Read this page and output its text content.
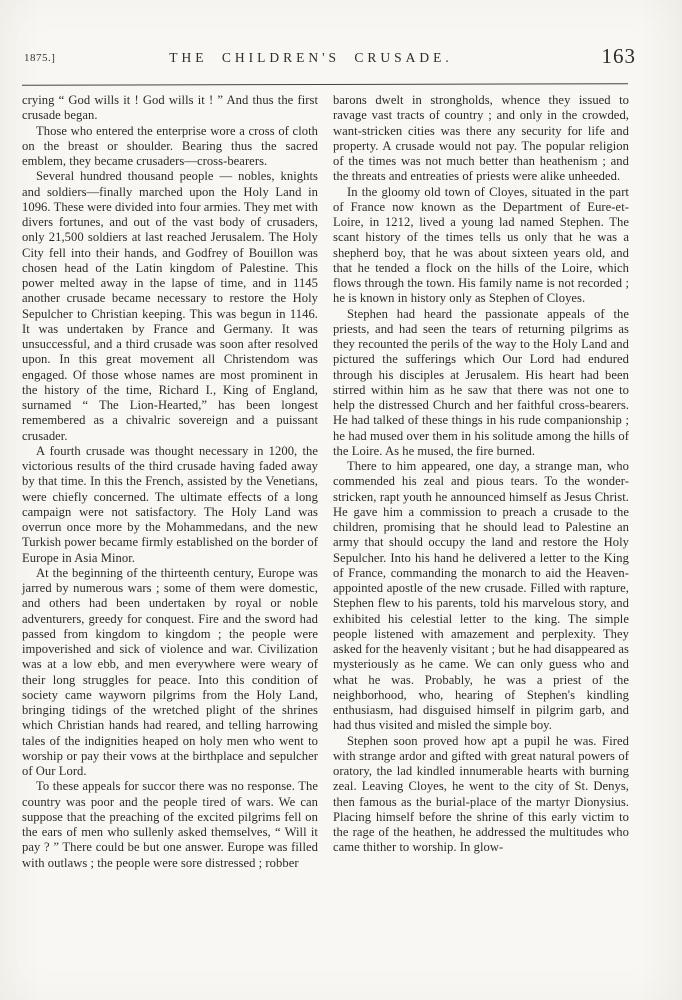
1875.]	THE CHILDREN'S CRUSADE.	163

crying “ God wills it ! God wills it ! ” And thus the first crusade began.

Those who entered the enterprise wore a cross of cloth on the breast or shoulder. Bearing thus the sacred emblem, they became crusaders—cross-bearers.

Several hundred thousand people — nobles, knights and soldiers—finally marched upon the Holy Land in 1096. These were divided into four armies. They met with divers fortunes, and out of the vast body of crusaders, only 21,500 soldiers at last reached Jerusalem. The Holy City fell into their hands, and Godfrey of Bouillon was chosen head of the Latin kingdom of Palestine. This power melted away in the lapse of time, and in 1145 another crusade became necessary to restore the Holy Sepulcher to Christian keeping. This was begun in 1146. It was undertaken by France and Germany. It was unsuccessful, and a third crusade was soon after resolved upon. In this great movement all Christendom was engaged. Of those whose names are most prominent in the history of the time, Richard I., King of England, surnamed “ The Lion-Hearted,” has been longest remembered as a chivalric sovereign and a puissant crusader.

A fourth crusade was thought necessary in 1200, the victorious results of the third crusade having faded away by that time. In this the French, assisted by the Venetians, were chiefly concerned. The ultimate effects of a long campaign were not satisfactory. The Holy Land was overrun once more by the Mohammedans, and the new Turkish power became firmly established on the border of Europe in Asia Minor.

At the beginning of the thirteenth century, Europe was jarred by numerous wars ; some of them were domestic, and others had been undertaken by royal or noble adventurers, greedy for conquest. Fire and the sword had passed from kingdom to kingdom ; the people were impoverished and sick of violence and war. Civilization was at a low ebb, and men everywhere were weary of their long struggles for peace. Into this condition of society came wayworn pilgrims from the Holy Land, bringing tidings of the wretched plight of the shrines which Christian hands had reared, and telling harrowing tales of the indignities heaped on holy men who went to worship or pay their vows at the birthplace and sepulcher of Our Lord.

To these appeals for succor there was no response. The country was poor and the people tired of wars. We can suppose that the preaching of the excited pilgrims fell on the ears of men who sullenly asked themselves, “ Will it pay ? ” There could be but one answer. Europe was filled with outlaws ; the people were sore distressed ; robber

barons dwelt in strongholds, whence they issued to ravage vast tracts of country ; and only in the crowded, want-stricken cities was there any security for life and property. A crusade would not pay. The popular religion of the times was not much better than heathenism ; and the threats and entreaties of priests were alike unheeded.

In the gloomy old town of Cloyes, situated in the part of France now known as the Department of Eure-et-Loire, in 1212, lived a young lad named Stephen. The scant history of the times tells us only that he was a shepherd boy, that he was about sixteen years old, and that he tended a flock on the hills of the Loire, which flows through the town. His family name is not recorded ; he is known in history only as Stephen of Cloyes.

Stephen had heard the passionate appeals of the priests, and had seen the tears of returning pilgrims as they recounted the perils of the way to the Holy Land and pictured the sufferings which Our Lord had endured through his disciples at Jerusalem. His heart had been stirred within him as he saw that there was not one to help the distressed Church and her faithful cross-bearers. He had talked of these things in his rude companionship ; he had mused over them in his solitude among the hills of the Loire. As he mused, the fire burned.

There to him appeared, one day, a strange man, who commended his zeal and pious tears. To the wonder-stricken, rapt youth he announced himself as Jesus Christ. He gave him a commission to preach a crusade to the children, promising that he should lead to Palestine an army that should occupy the land and restore the Holy Sepulcher. Into his hand he delivered a letter to the King of France, commanding the monarch to aid the Heaven-appointed apostle of the new crusade. Filled with rapture, Stephen flew to his parents, told his marvelous story, and exhibited his celestial letter to the king. The simple people listened with amazement and perplexity. They asked for the heavenly visitant ; but he had disappeared as mysteriously as he came. We can only guess who and what he was. Probably, he was a priest of the neighborhood, who, hearing of Stephen's kindling enthusiasm, had disguised himself in pilgrim garb, and had thus visited and misled the simple boy.

Stephen soon proved how apt a pupil he was. Fired with strange ardor and gifted with great natural powers of oratory, the lad kindled innumerable hearts with burning zeal. Leaving Cloyes, he went to the city of St. Denys, then famous as the burial-place of the martyr Dionysius. Placing himself before the shrine of this early victim to the rage of the heathen, he addressed the multitudes who came thither to worship. In glow-
